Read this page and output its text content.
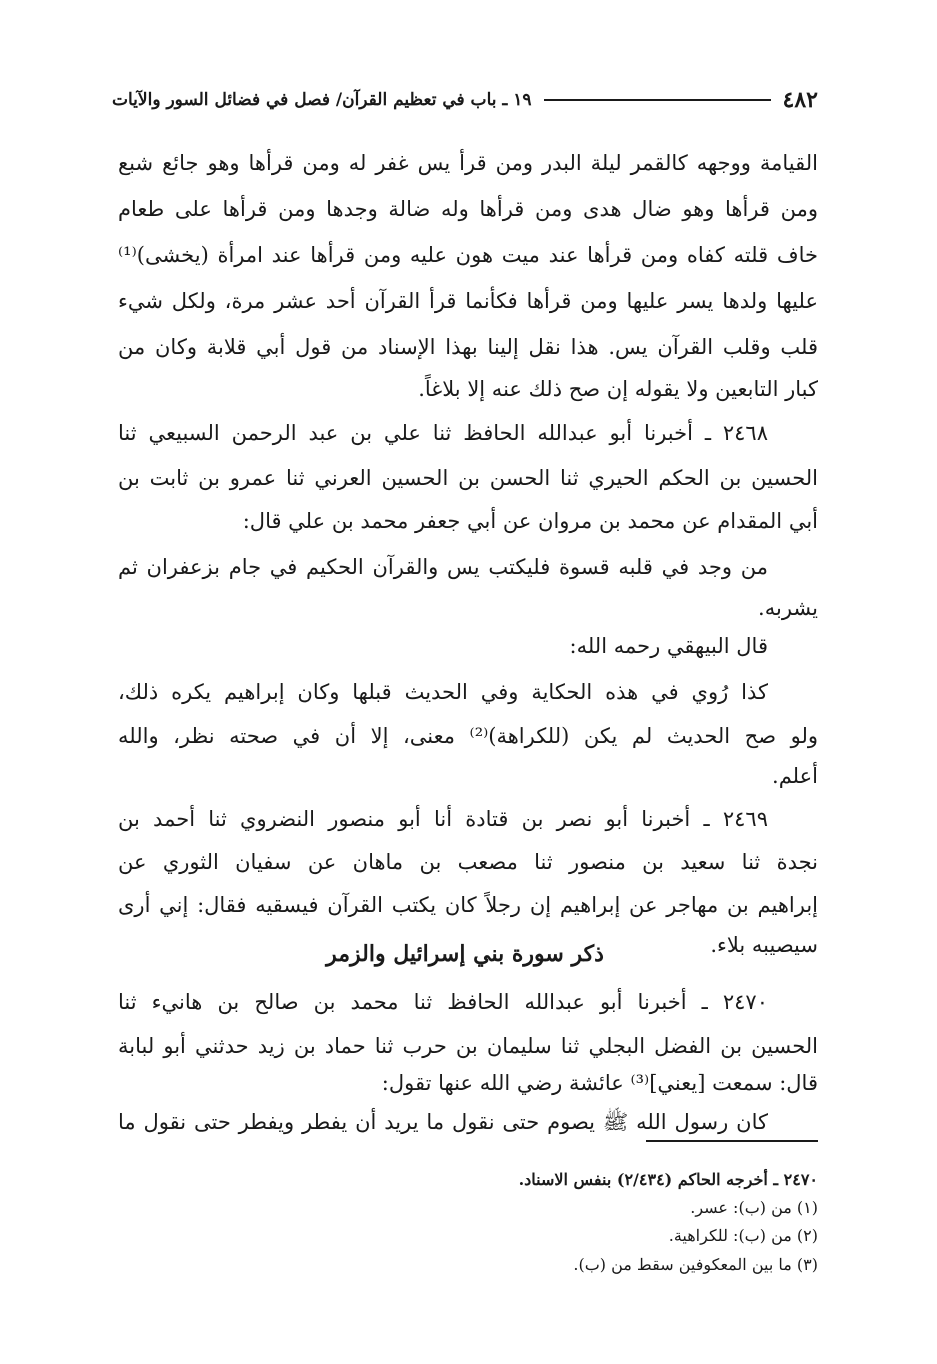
٤٨٢
١٩ ـ باب في تعظيم القرآن/ فصل في فضائل السور والآيات
القيامة ووجهه كالقمر ليلة البدر ومن قرأ يس غفر له ومن قرأها وهو جائع شبع
ومن قرأها وهو ضال هدى ومن قرأها وله ضالة وجدها ومن قرأها على طعام
خاف قلته كفاه ومن قرأها عند ميت هون عليه ومن قرأها عند امرأة (يخشى)⁽¹⁾
عليها ولدها يسر عليها ومن قرأها فكأنما قرأ القرآن أحد عشر مرة، ولكل شيء
قلب وقلب القرآن يس. هذا نقل إلينا بهذا الإسناد من قول أبي قلابة وكان من
كبار التابعين ولا يقوله إن صح ذلك عنه إلا بلاغاً.
٢٤٦٨ ـ أخبرنا أبو عبدالله الحافظ ثنا علي بن عبد الرحمن السبيعي ثنا
الحسين بن الحكم الحيري ثنا الحسن بن الحسين العرني ثنا عمرو بن ثابت بن
أبي المقدام عن محمد بن مروان عن أبي جعفر محمد بن علي قال:
من وجد في قلبه قسوة فليكتب يس والقرآن الحكيم في جام بزعفران ثم
يشربه.
قال البيهقي رحمه الله:
كذا رُوي في هذه الحكاية وفي الحديث قبلها وكان إبراهيم يكره ذلك،
ولو صح الحديث لم يكن (للكراهة)⁽²⁾ معنى، إلا أن في صحته نظر، والله
أعلم.
٢٤٦٩ ـ أخبرنا أبو نصر بن قتادة أنا أبو منصور النضروي ثنا أحمد بن
نجدة ثنا سعيد بن منصور ثنا مصعب بن ماهان عن سفيان الثوري عن
إبراهيم بن مهاجر عن إبراهيم إن رجلاً كان يكتب القرآن فيسقيه فقال: إني أرى
سيصيبه بلاء.
ذكر سورة بني إسرائيل والزمر
٢٤٧٠ ـ أخبرنا أبو عبدالله الحافظ ثنا محمد بن صالح بن هانيء ثنا
الحسين بن الفضل البجلي ثنا سليمان بن حرب ثنا حماد بن زيد حدثني أبو لبابة
قال: سمعت [يعني]⁽³⁾ عائشة رضي الله عنها تقول:
كان رسول الله ﷺ يصوم حتى نقول ما يريد أن يفطر ويفطر حتى نقول ما
٢٤٧٠ ـ أخرجه الحاكم (٢/٤٣٤) بنفس الاسناد.
(١) من (ب): عسر.
(٢) من (ب): للكراهية.
(٣) ما بين المعكوفين سقط من (ب).
